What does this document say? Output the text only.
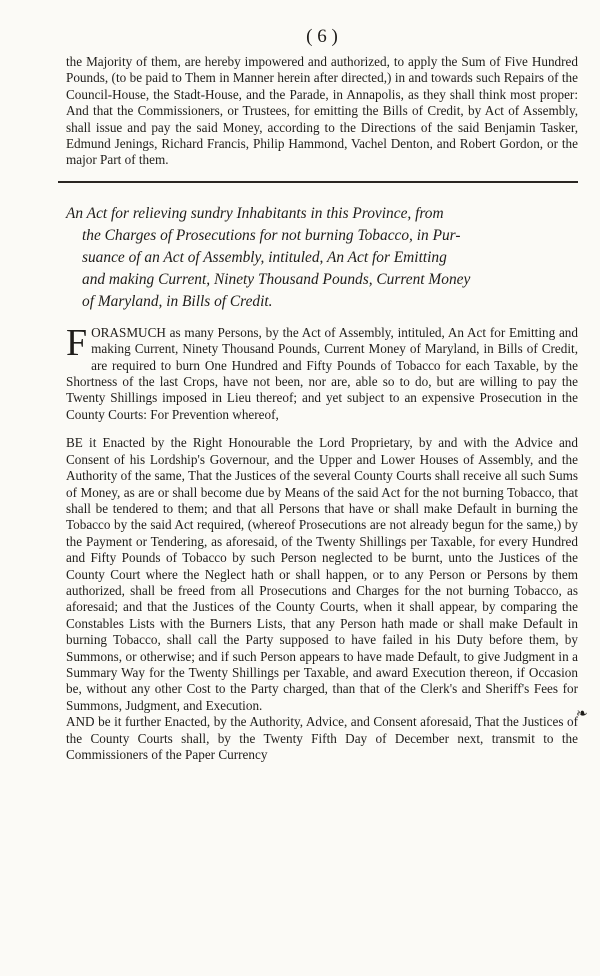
( 6 )

the Majority of them, are hereby impowered and authorized, to apply the Sum of Five Hundred Pounds, (to be paid to Them in Manner herein after directed,) in and towards such Repairs of the Council-House, the Stadt-House, and the Parade, in Annapolis, as they shall think most proper: And that the Commissioners, or Trustees, for emitting the Bills of Credit, by Act of Assembly, shall issue and pay the said Money, according to the Directions of the said Benjamin Tasker, Edmund Jenings, Richard Francis, Philip Hammond, Vachel Denton, and Robert Gordon, or the major Part of them.

An Act for relieving sundry Inhabitants in this Province, from
the Charges of Prosecutions for not burning Tobacco, in Pur-
suance of an Act of Assembly, intituled, An Act for Emitting
and making Current, Ninety Thousand Pounds, Current Money
of Maryland, in Bills of Credit.
F ORASMUCH as many Persons, by the Act of Assembly, intituled, An Act for Emitting and making Current, Ninety Thousand Pounds, Current Money of Maryland, in Bills of Credit, are required to burn One Hundred and Fifty Pounds of Tobacco for each Taxable, by the Shortness of the last Crops, have not been, nor are, able so to do, but are willing to pay the Twenty Shillings imposed in Lieu thereof; and yet subject to an expensive Prosecution in the County Courts: For Prevention whereof,

BE it Enacted by the Right Honourable the Lord Proprietary, by and with the Advice and Consent of his Lordship's Governour, and the Upper and Lower Houses of Assembly, and the Authority of the same, That the Justices of the several County Courts shall receive all such Sums of Money, as are or shall become due by Means of the said Act for the not burning Tobacco, that shall be tendered to them; and that all Persons that have or shall make Default in burning the Tobacco by the said Act required, (whereof Prosecutions are not already begun for the same,) by the Payment or Tendering, as aforesaid, of the Twenty Shillings per Taxable, for every Hundred and Fifty Pounds of Tobacco by such Person neglected to be burnt, unto the Justices of the County Court where the Neglect hath or shall happen, or to any Person or Persons by them authorized, shall be freed from all Prosecutions and Charges for the not burning Tobacco, as aforesaid; and that the Justices of the County Courts, when it shall appear, by comparing the Constables Lists with the Burners Lists, that any Person hath made or shall make Default in burning Tobacco, shall call the Party supposed to have failed in his Duty before them, by Summons, or otherwise; and if such Person appears to have made Default, to give Judgment in a Summary Way for the Twenty Shillings per Taxable, and award Execution thereon, if Occasion be, without any other Cost to the Party charged, than that of the Clerk's and Sheriff's Fees for Summons, Judgment, and Execution.

AND be it further Enacted, by the Authority, Advice, and Consent aforesaid, That the Justices of the County Courts shall, by the Twenty Fifth Day of December next, transmit to the Commissioners of the Paper Currency

❧
